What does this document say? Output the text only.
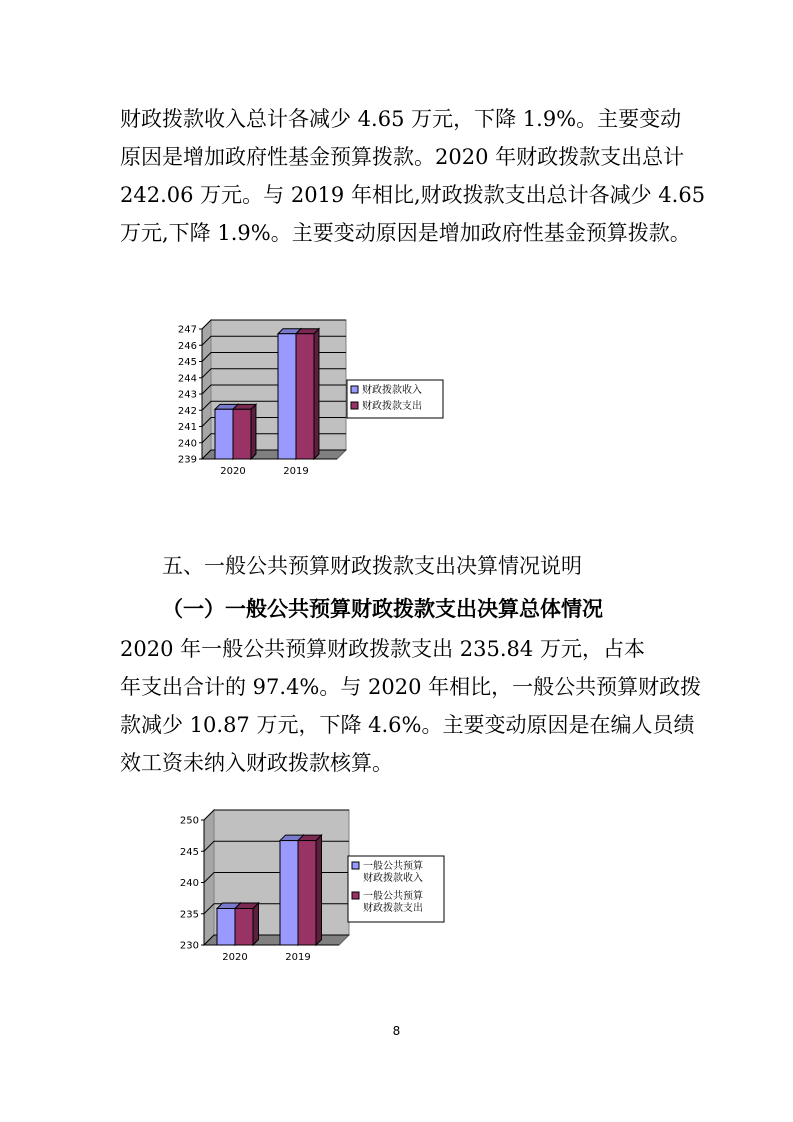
财政拨款收入总计各减少 4.65 万元，下降 1.9%。主要变动
原因是增加政府性基金预算拨款。2020 年财政拨款支出总计
242.06 万元。与 2019 年相比,财政拨款支出总计各减少 4.65
万元,下降 1.9%。主要变动原因是增加政府性基金预算拨款。
239
240
241
242
243
244
245
246
247
2020	2019
财政拨款收入
财政拨款支出
五、一般公共预算财政拨款支出决算情况说明
（一）一般公共预算财政拨款支出决算总体情况
2020 年一般公共预算财政拨款支出 235.84 万元，占本
年支出合计的 97.4%。与 2020 年相比，一般公共预算财政拨
款减少 10.87 万元，下降 4.6%。主要变动原因是在编人员绩
效工资未纳入财政拨款核算。
230
235
240
245
250
2020	2019
一般公共预算
财政拨款收入
一般公共预算
财政拨款支出
8
